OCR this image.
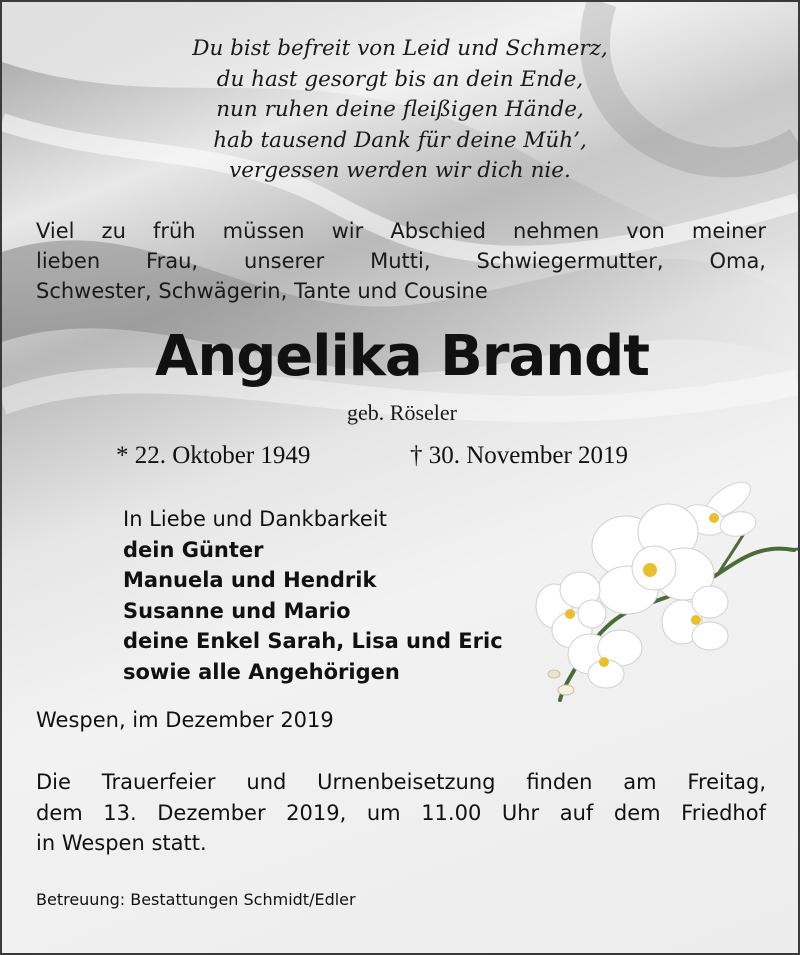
Du bist befreit von Leid und Schmerz,
du hast gesorgt bis an dein Ende,
nun ruhen deine fleißigen Hände,
hab tausend Dank für deine Müh’,
vergessen werden wir dich nie.
Viel zu früh müssen wir Abschied nehmen von meiner
lieben Frau, unserer Mutti, Schwiegermutter, Oma,
Schwester, Schwägerin, Tante und Cousine
Angelika Brandt
geb. Röseler
* 22. Oktober 1949	† 30. November 2019
In Liebe und Dankbarkeit
dein Günter
Manuela und Hendrik
Susanne und Mario
deine Enkel Sarah, Lisa und Eric
sowie alle Angehörigen
Wespen, im Dezember 2019
Die Trauerfeier und Urnenbeisetzung finden am Freitag,
dem 13. Dezember 2019, um 11.00 Uhr auf dem Friedhof
in Wespen statt.
Betreuung: Bestattungen Schmidt/Edler
